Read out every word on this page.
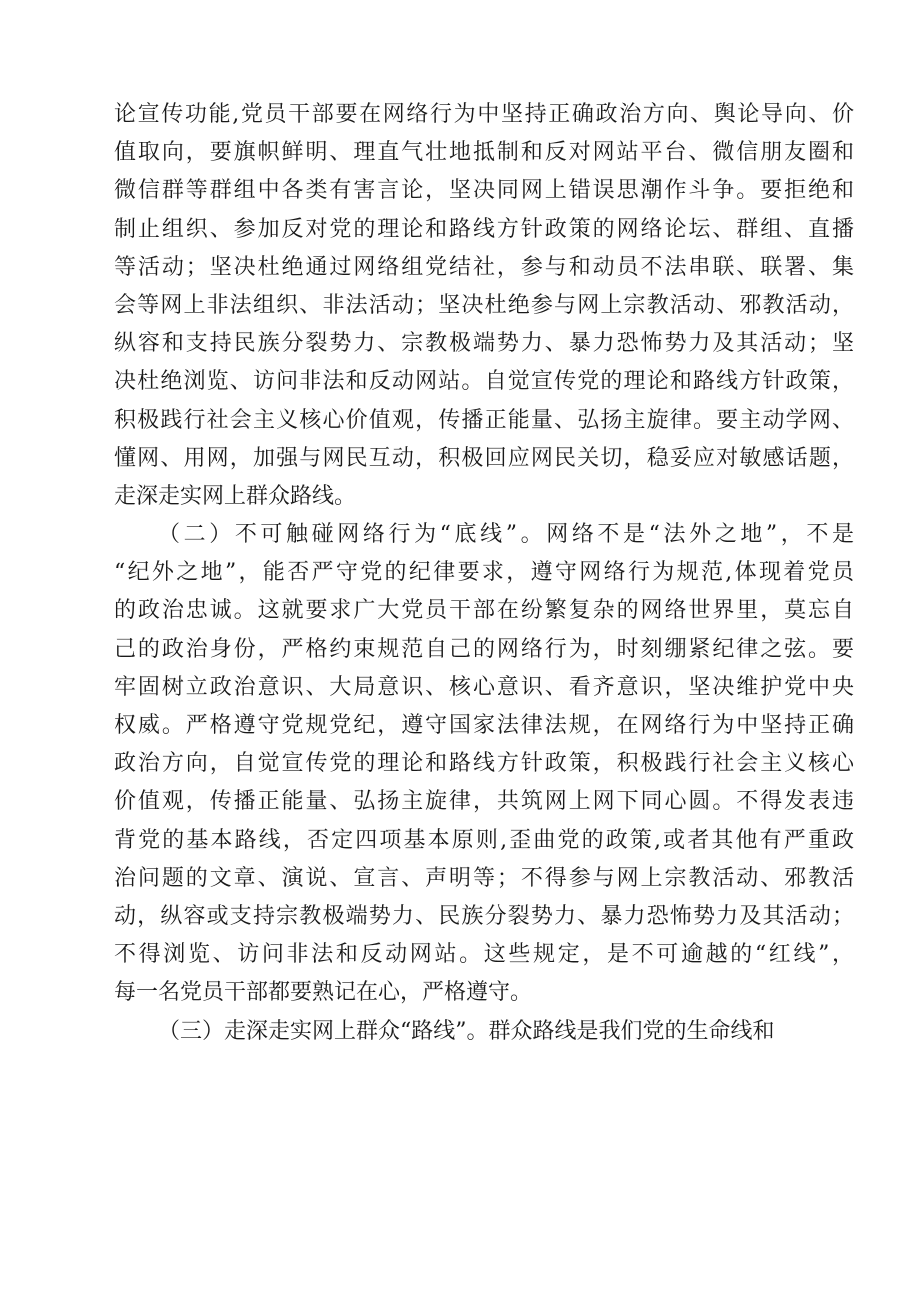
论宣传功能,党员干部要在网络行为中坚持正确政治方向、舆论导向、价
值取向，要旗帜鲜明、理直气壮地抵制和反对网站平台、微信朋友圈和
微信群等群组中各类有害言论，坚决同网上错误思潮作斗争。要拒绝和
制止组织、参加反对党的理论和路线方针政策的网络论坛、群组、直播
等活动；坚决杜绝通过网络组党结社，参与和动员不法串联、联署、集
会等网上非法组织、非法活动；坚决杜绝参与网上宗教活动、邪教活动，
纵容和支持民族分裂势力、宗教极端势力、暴力恐怖势力及其活动；坚
决杜绝浏览、访问非法和反动网站。自觉宣传党的理论和路线方针政策，
积极践行社会主义核心价值观，传播正能量、弘扬主旋律。要主动学网、
懂网、用网，加强与网民互动，积极回应网民关切，稳妥应对敏感话题，
走深走实网上群众路线。
（二）不可触碰网络行为“底线”。网络不是“法外之地”，不是
“纪外之地”，能否严守党的纪律要求，遵守网络行为规范,体现着党员
的政治忠诚。这就要求广大党员干部在纷繁复杂的网络世界里，莫忘自
己的政治身份，严格约束规范自己的网络行为，时刻绷紧纪律之弦。要
牢固树立政治意识、大局意识、核心意识、看齐意识，坚决维护党中央
权威。严格遵守党规党纪，遵守国家法律法规，在网络行为中坚持正确
政治方向，自觉宣传党的理论和路线方针政策，积极践行社会主义核心
价值观，传播正能量、弘扬主旋律，共筑网上网下同心圆。不得发表违
背党的基本路线，否定四项基本原则,歪曲党的政策,或者其他有严重政
治问题的文章、演说、宣言、声明等；不得参与网上宗教活动、邪教活
动，纵容或支持宗教极端势力、民族分裂势力、暴力恐怖势力及其活动；
不得浏览、访问非法和反动网站。这些规定，是不可逾越的“红线”，
每一名党员干部都要熟记在心，严格遵守。
（三）走深走实网上群众“路线”。群众路线是我们党的生命线和
